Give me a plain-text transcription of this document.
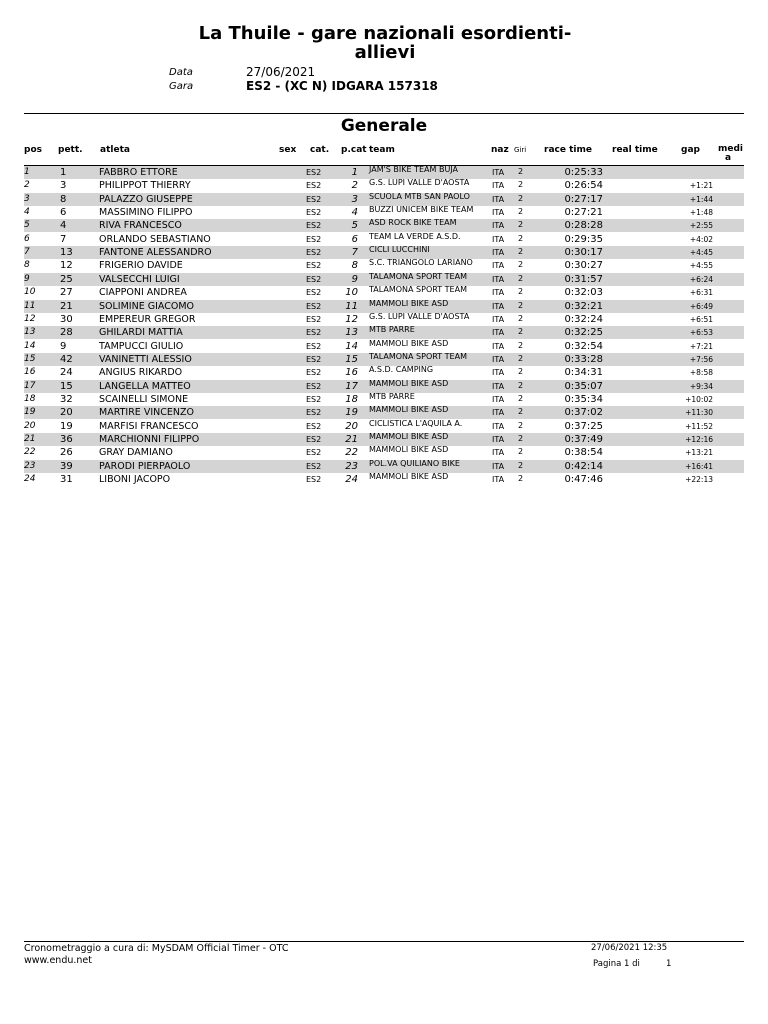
La Thuile - gare nazionali esordienti-
allievi
Data	27/06/2021
Gara	ES2 - (XC N) IDGARA 157318
Generale
pos pett. atleta	sex cat. p.cat team	naz Giri race time real time	gap medi
a
1	1	FABBRO ETTORE	ES2	1 JAM'S BIKE TEAM BUJA	ITA 2	0:25:33
2	3	PHILIPPOT THIERRY	ES2	2 G.S. LUPI VALLE D'AOSTA	ITA 2	0:26:54	+1:21
3	8	PALAZZO GIUSEPPE	ES2	3 SCUOLA MTB SAN PAOLO	ITA 2	0:27:17	+1:44
4	6	MASSIMINO FILIPPO	ES2	4 BUZZI UNICEM BIKE TEAM ITA 2	0:27:21	+1:48
5	4	RIVA FRANCESCO	ES2	5 ASD ROCK BIKE TEAM	ITA 2	0:28:28	+2:55
6	7	ORLANDO SEBASTIANO	ES2	6 TEAM LA VERDE A.S.D.	ITA 2	0:29:35	+4:02
7	13	FANTONE ALESSANDRO	ES2	7 CICLI LUCCHINI	ITA 2	0:30:17	+4:45
8	12	FRIGERIO DAVIDE	ES2	8 S.C. TRIANGOLO LARIANO ITA 2	0:30:27	+4:55
9	25	VALSECCHI LUIGI	ES2	9 TALAMONA SPORT TEAM	ITA 2	0:31:57	+6:24
10 27	CIAPPONI ANDREA	ES2	10 TALAMONA SPORT TEAM	ITA 2	0:32:03	+6:31
11 21	SOLIMINE GIACOMO	ES2	11 MAMMOLI BIKE ASD	ITA 2	0:32:21	+6:49
12 30	EMPEREUR GREGOR	ES2	12 G.S. LUPI VALLE D'AOSTA	ITA 2	0:32:24	+6:51
13 28	GHILARDI MATTIA	ES2	13 MTB PARRE	ITA 2	0:32:25	+6:53
14 9	TAMPUCCI GIULIO	ES2	14 MAMMOLI BIKE ASD	ITA 2	0:32:54	+7:21
15 42	VANINETTI ALESSIO	ES2	15 TALAMONA SPORT TEAM	ITA 2	0:33:28	+7:56
16 24	ANGIUS RIKARDO	ES2	16 A.S.D. CAMPING	ITA 2	0:34:31	+8:58
17 15	LANGELLA MATTEO	ES2	17 MAMMOLI BIKE ASD	ITA 2	0:35:07	+9:34
18 32	SCAINELLI SIMONE	ES2	18 MTB PARRE	ITA 2	0:35:34	+10:02
19 20	MARTIRE VINCENZO	ES2	19 MAMMOLI BIKE ASD	ITA 2	0:37:02	+11:30
20 19	MARFISI FRANCESCO	ES2	20 CICLISTICA L'AQUILA A.	ITA 2	0:37:25	+11:52
21 36	MARCHIONNI FILIPPO	ES2	21 MAMMOLI BIKE ASD	ITA 2	0:37:49	+12:16
22 26	GRAY DAMIANO	ES2	22 MAMMOLI BIKE ASD	ITA 2	0:38:54	+13:21
23 39	PARODI PIERPAOLO	ES2	23 POL.VA QUILIANO BIKE	ITA 2	0:42:14	+16:41
24 31	LIBONI JACOPO	ES2	24 MAMMOLI BIKE ASD	ITA 2	0:47:46	+22:13
Cronometraggio a cura di: MySDAM Official Timer - OTC
www.endu.net
27/06/2021 12:35
Pagina 1 di	1
